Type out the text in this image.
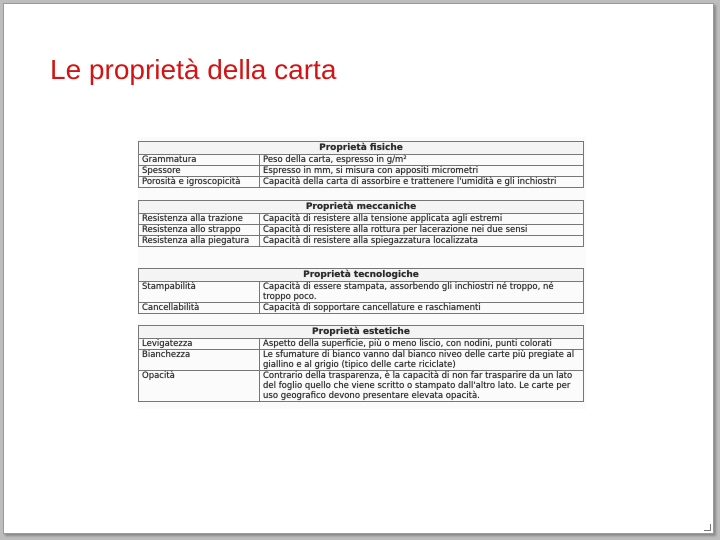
Le proprietà della carta
Proprietà fisiche
Grammatura	Peso della carta, espresso in g/m²
Spessore	Espresso in mm, si misura con appositi micrometri
Porosità e igroscopicità	Capacità della carta di assorbire e trattenere l'umidità e gli inchiostri
Proprietà meccaniche
Resistenza alla trazione	Capacità di resistere alla tensione applicata agli estremi
Resistenza allo strappo	Capacità di resistere alla rottura per lacerazione nei due sensi
Resistenza alla piegatura	Capacità di resistere alla spiegazzatura localizzata
Proprietà tecnologiche
Stampabilità	Capacità di essere stampata, assorbendo gli inchiostri né troppo, né troppo poco.
Cancellabilità	Capacità di sopportare cancellature e raschiamenti
Proprietà estetiche
Levigatezza	Aspetto della superficie, più o meno liscio, con nodini, punti colorati
Bianchezza	Le sfumature di bianco vanno dal bianco niveo delle carte più pregiate al giallino e al grigio (tipico delle carte riciclate)
Opacità	Contrario della trasparenza, è la capacità di non far trasparire da un lato del foglio quello che viene scritto o stampato dall'altro lato. Le carte per uso geografico devono presentare elevata opacità.
